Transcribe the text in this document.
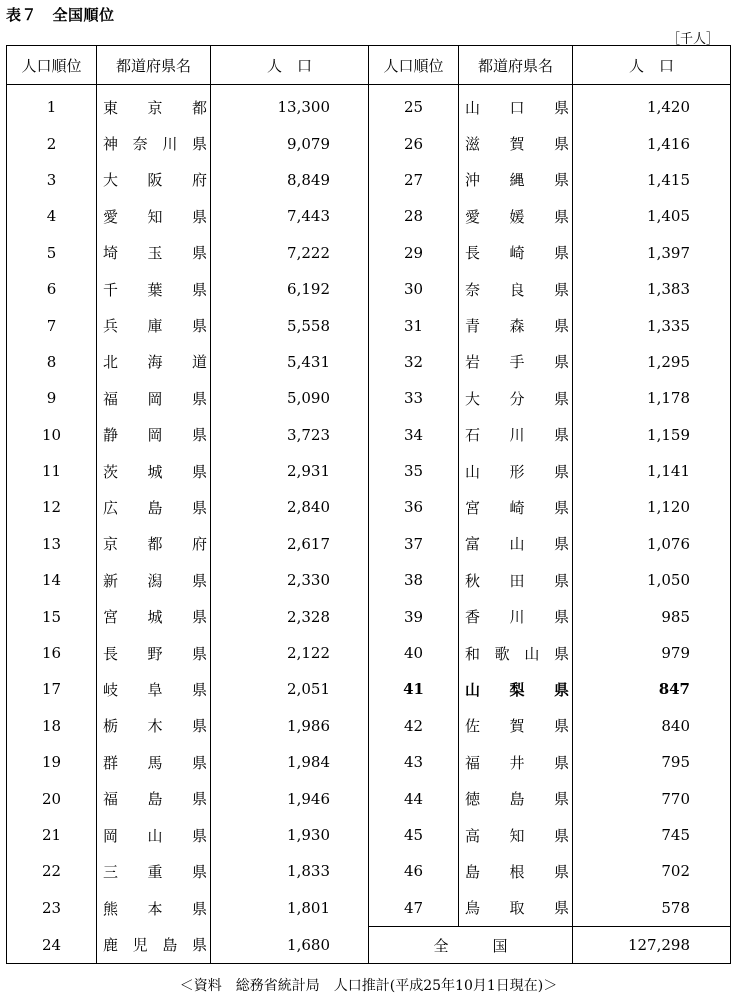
表７　全国順位
［千人］
人口順位	都道府県名	人　口	人口順位	都道府県名	人　口
1	東 京 都	13,300	25	山 口 県	1,420
2	神 奈 川 県	9,079	26	滋 賀 県	1,416
3	大 阪 府	8,849	27	沖 縄 県	1,415
4	愛 知 県	7,443	28	愛 媛 県	1,405
5	埼 玉 県	7,222	29	長 崎 県	1,397
6	千 葉 県	6,192	30	奈 良 県	1,383
7	兵 庫 県	5,558	31	青 森 県	1,335
8	北 海 道	5,431	32	岩 手 県	1,295
9	福 岡 県	5,090	33	大 分 県	1,178
10	静 岡 県	3,723	34	石 川 県	1,159
11	茨 城 県	2,931	35	山 形 県	1,141
12	広 島 県	2,840	36	宮 崎 県	1,120
13	京 都 府	2,617	37	富 山 県	1,076
14	新 潟 県	2,330	38	秋 田 県	1,050
15	宮 城 県	2,328	39	香 川 県	985
16	長 野 県	2,122	40	和 歌 山 県	979
17	岐 阜 県	2,051	41	山 梨 県	847
18	栃 木 県	1,986	42	佐 賀 県	840
19	群 馬 県	1,984	43	福 井 県	795
20	福 島 県	1,946	44	徳 島 県	770
21	岡 山 県	1,930	45	高 知 県	745
22	三 重 県	1,833	46	島 根 県	702
23	熊 本 県	1,801	47	鳥 取 県	578
24	鹿 児 島 県	1,680	全 国		127,298
＜資料　総務省統計局　人口推計(平成25年10月1日現在)＞
